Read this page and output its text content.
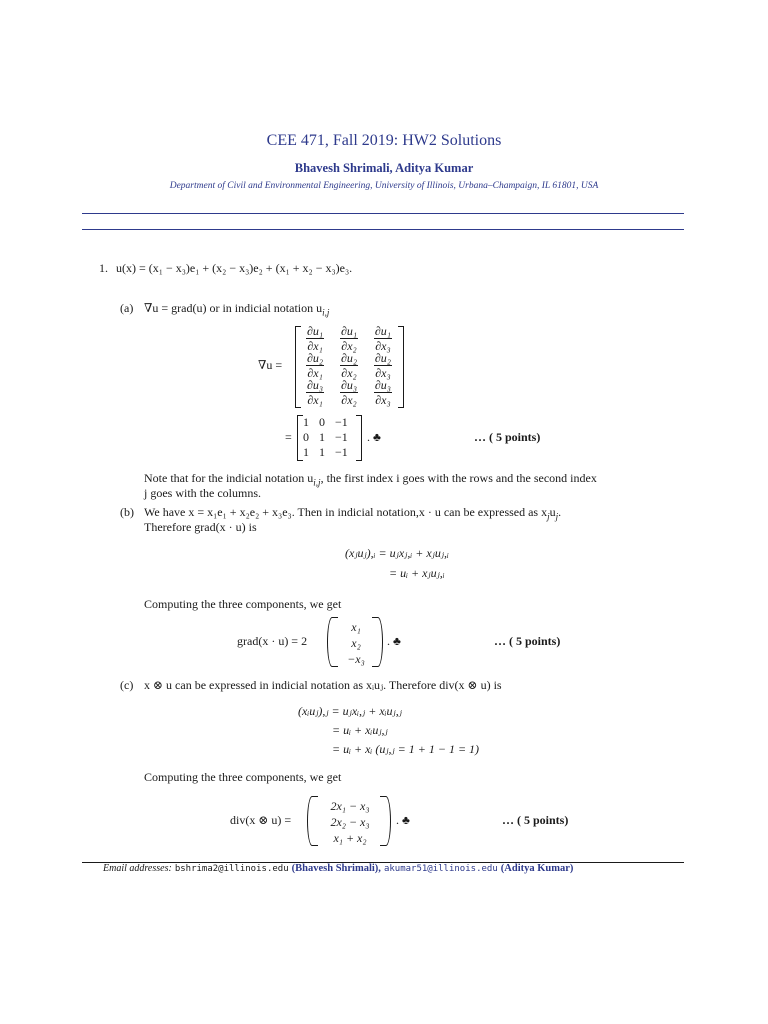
CEE 471, Fall 2019: HW2 Solutions
Bhavesh Shrimali, Aditya Kumar
Department of Civil and Environmental Engineering, University of Illinois, Urbana–Champaign, IL 61801, USA
1. u(x) = (x₁ − x₃)e₁ + (x₂ − x₃)e₂ + (x₁ + x₂ − x₃)e₃.
(a) ∇u = grad(u) or in indicial notation $u_{i,j}$
∇u =
$\frac{\text{∂u₁}}{\text{∂x₁}} \frac{\text{∂u₁}}{\text{∂x₂}} \frac{\text{∂u₁}}{\text{∂x₃}}$
$\frac{\text{∂u₂}}{\text{∂x₁}} \frac{\text{∂u₂}}{\text{∂x₂}} \frac{\text{∂u₂}}{\text{∂x₃}}$
$\frac{\text{∂u₃}}{\text{∂x₁}} \frac{\text{∂u₃}}{\text{∂x₂}} \frac{\text{∂u₃}}{\text{∂x₃}}$
=
1	0	−1
0	1	−1
1	1	−1
. ♣	… ( 5 points)
Note that for the indicial notation $u_{i,j}$, the first index i goes with the rows and the second index
j goes with the columns.
(b) We have x = x₁e₁ + x₂e₂ + x₃e₃. Then in indicial notation,x · u can be expressed as $x_ju_j$.
Therefore grad(x · u) is
(xⱼuⱼ),ᵢ = uⱼxⱼ,ᵢ + xⱼuⱼ,ᵢ
= uᵢ + xⱼuⱼ,ᵢ
Computing the three components, we get
grad(x · u) = 2
x₁
x₂
−x₃
. ♣	… ( 5 points)
(c) x ⊗ u can be expressed in indicial notation as xᵢuⱼ. Therefore div(x ⊗ u) is
(xᵢuⱼ),ⱼ = uⱼxᵢ,ⱼ + xᵢuⱼ,ⱼ
= uᵢ + xᵢuⱼ,ⱼ
= uᵢ + xᵢ (uⱼ,ⱼ = 1 + 1 − 1 = 1)
Computing the three components, we get
div(x ⊗ u) =
2x₁ − x₃
2x₂ − x₃
x₁ + x₂
. ♣	… ( 5 points)
Email addresses: bshrima2@illinois.edu (Bhavesh Shrimali), akumar51@illinois.edu (Aditya Kumar)
